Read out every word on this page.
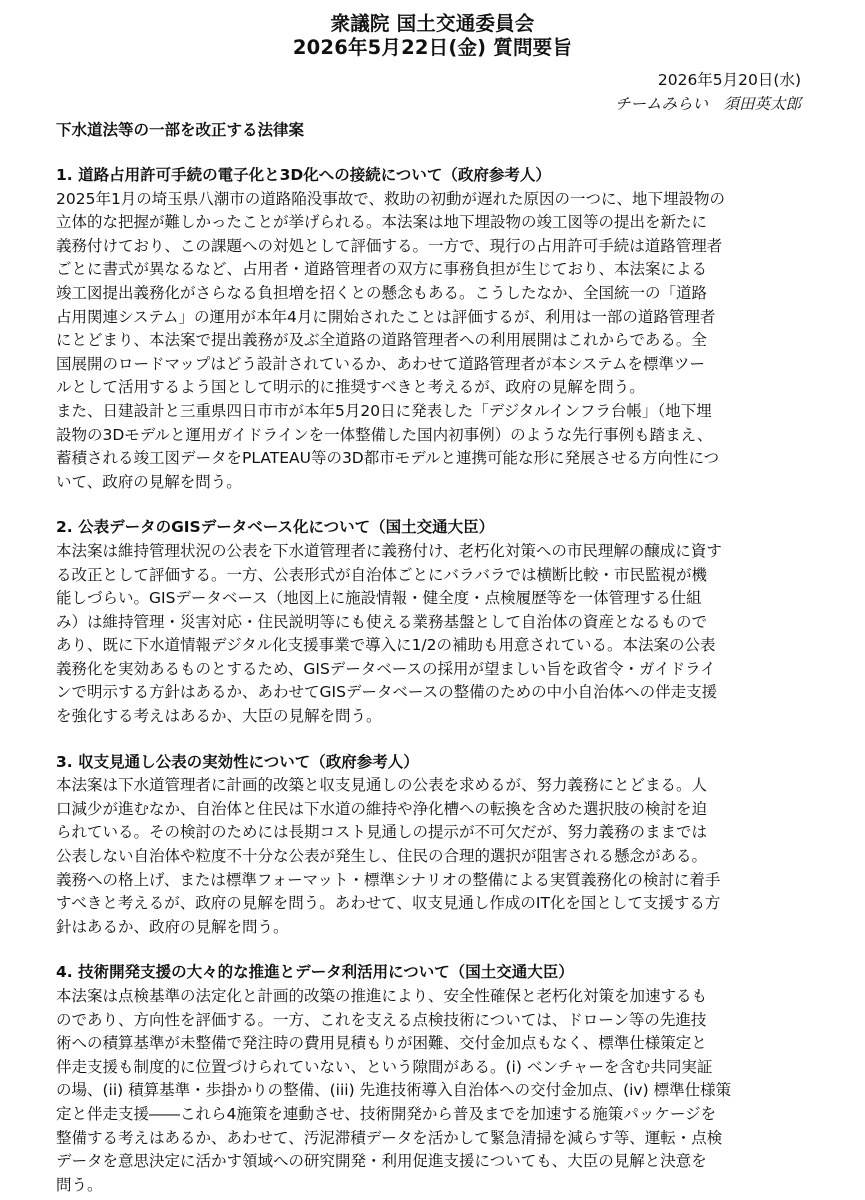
衆議院 国土交通委員会
2026年5月22日(金) 質問要旨
2026年5月20日(水)
チームみらい　須田英太郎
下水道法等の一部を改正する法律案
1. 道路占用許可手続の電子化と3D化への接続について（政府参考人）

2025年1月の埼玉県八潮市の道路陥没事故で、救助の初動が遅れた原因の一つに、地下埋設物の
立体的な把握が難しかったことが挙げられる。本法案は地下埋設物の竣工図等の提出を新たに
義務付けており、この課題への対処として評価する。一方で、現行の占用許可手続は道路管理者
ごとに書式が異なるなど、占用者・道路管理者の双方に事務負担が生じており、本法案による
竣工図提出義務化がさらなる負担増を招くとの懸念もある。こうしたなか、全国統一の「道路
占用関連システム」の運用が本年4月に開始されたことは評価するが、利用は一部の道路管理者
にとどまり、本法案で提出義務が及ぶ全道路の道路管理者への利用展開はこれからである。全
国展開のロードマップはどう設計されているか、あわせて道路管理者が本システムを標準ツー
ルとして活用するよう国として明示的に推奨すべきと考えるが、政府の見解を問う。

また、日建設計と三重県四日市市が本年5月20日に発表した「デジタルインフラ台帳」（地下埋
設物の3Dモデルと運用ガイドラインを一体整備した国内初事例）のような先行事例も踏まえ、
蓄積される竣工図データをPLATEAU等の3D都市モデルと連携可能な形に発展させる方向性につ
いて、政府の見解を問う。

2. 公表データのGISデータベース化について（国土交通大臣）

本法案は維持管理状況の公表を下水道管理者に義務付け、老朽化対策への市民理解の醸成に資す
る改正として評価する。一方、公表形式が自治体ごとにバラバラでは横断比較・市民監視が機
能しづらい。GISデータベース（地図上に施設情報・健全度・点検履歴等を一体管理する仕組
み）は維持管理・災害対応・住民説明等にも使える業務基盤として自治体の資産となるもので
あり、既に下水道情報デジタル化支援事業で導入に1/2の補助も用意されている。本法案の公表
義務化を実効あるものとするため、GISデータベースの採用が望ましい旨を政省令・ガイドライ
ンで明示する方針はあるか、あわせてGISデータベースの整備のための中小自治体への伴走支援
を強化する考えはあるか、大臣の見解を問う。

3. 収支見通し公表の実効性について（政府参考人）

本法案は下水道管理者に計画的改築と収支見通しの公表を求めるが、努力義務にとどまる。人
口減少が進むなか、自治体と住民は下水道の維持や浄化槽への転換を含めた選択肢の検討を迫
られている。その検討のためには長期コスト見通しの提示が不可欠だが、努力義務のままでは
公表しない自治体や粒度不十分な公表が発生し、住民の合理的選択が阻害される懸念がある。
義務への格上げ、または標準フォーマット・標準シナリオの整備による実質義務化の検討に着手
すべきと考えるが、政府の見解を問う。あわせて、収支見通し作成のIT化を国として支援する方
針はあるか、政府の見解を問う。

4. 技術開発支援の大々的な推進とデータ利活用について（国土交通大臣）

本法案は点検基準の法定化と計画的改築の推進により、安全性確保と老朽化対策を加速するも
のであり、方向性を評価する。一方、これを支える点検技術については、ドローン等の先進技
術への積算基準が未整備で発注時の費用見積もりが困難、交付金加点もなく、標準仕様策定と
伴走支援も制度的に位置づけられていない、という隙間がある。(i) ベンチャーを含む共同実証
の場、(ii) 積算基準・歩掛かりの整備、(iii) 先進技術導入自治体への交付金加点、(iv) 標準仕様策
定と伴走支援――これら4施策を連動させ、技術開発から普及までを加速する施策パッケージを
整備する考えはあるか、あわせて、汚泥滞積データを活かして緊急清掃を減らす等、運転・点検
データを意思決定に活かす領域への研究開発・利用促進支援についても、大臣の見解と決意を
問う。
